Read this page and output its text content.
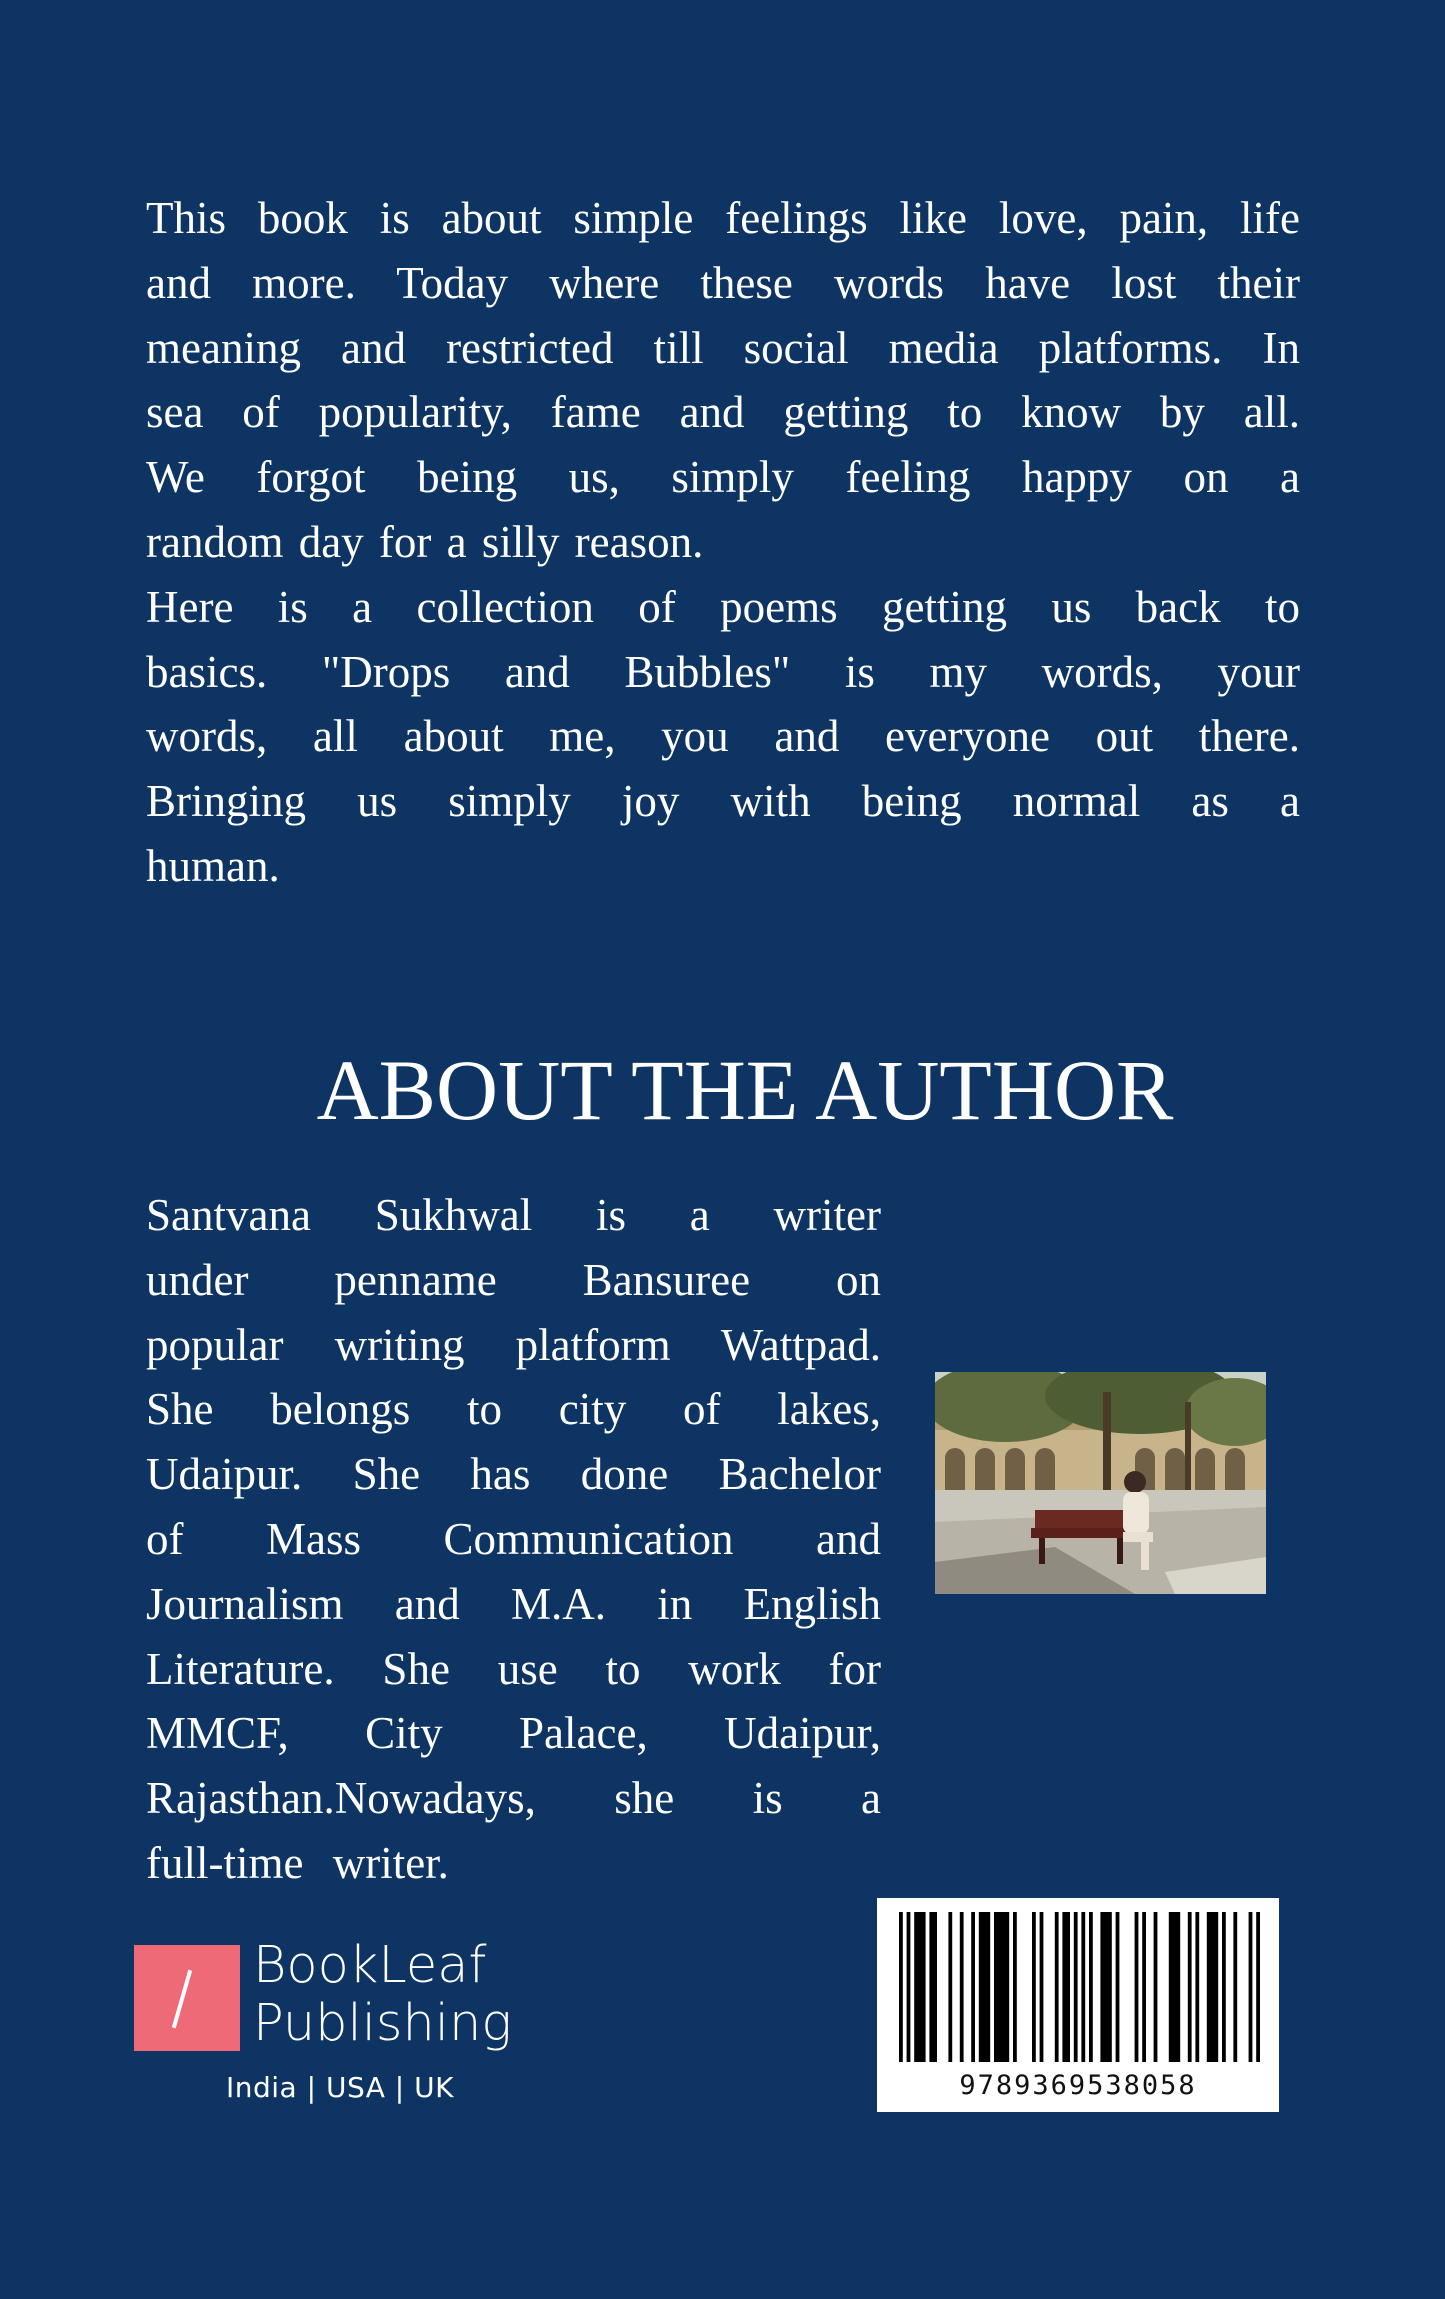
This book is about simple feelings like love, pain, life
and more. Today where these words have lost their
meaning and restricted till social media platforms. In
sea of popularity, fame and getting to know by all.
We forgot being us, simply feeling happy on a
random day for a silly reason.
Here is a collection of poems getting us back to
basics. "Drops and Bubbles" is my words, your
words, all about me, you and everyone out there.
Bringing us simply joy with being normal as a
human.
ABOUT THE AUTHOR
Santvana Sukhwal is a writer
under penname Bansuree on
popular writing platform Wattpad.
She belongs to city of lakes,
Udaipur. She has done Bachelor
of Mass Communication and
Journalism and M.A. in English
Literature. She use to work for
MMCF, City Palace, Udaipur,
Rajasthan.Nowadays, she is a
full-time writer.
BookLeaf
Publishing
India | USA | UK	9789369538058
